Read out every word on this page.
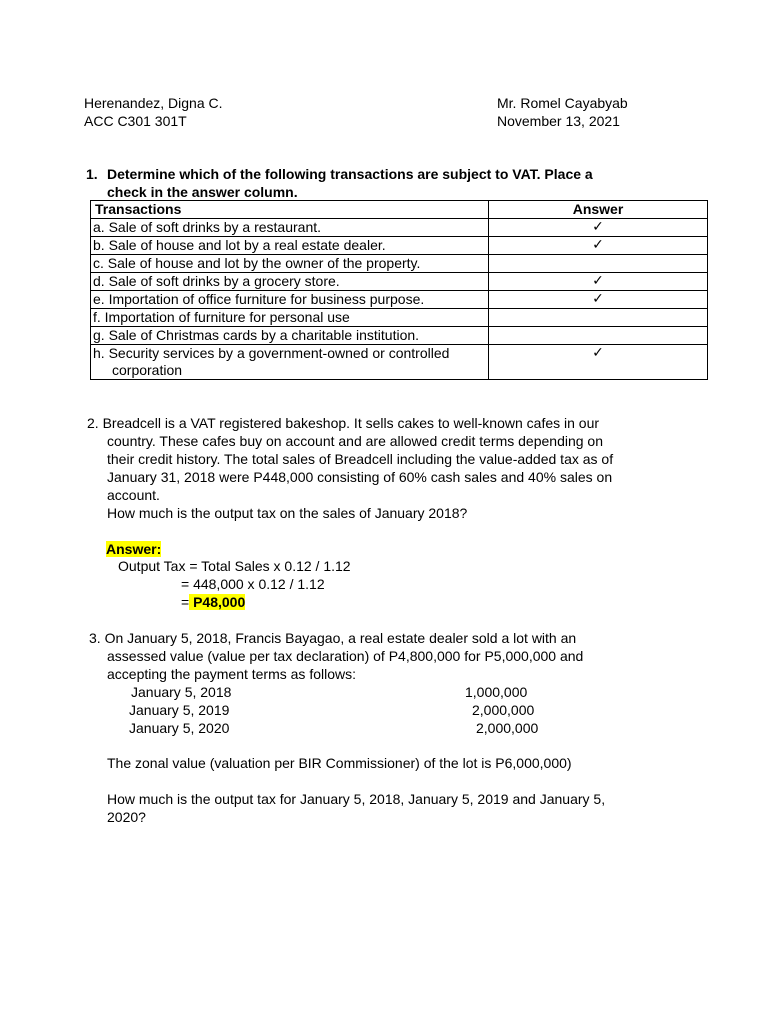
Herenandez, Digna C.
ACC C301 301T
Mr. Romel Cayabyab
November 13, 2021
1. Determine which of the following transactions are subject to VAT. Place a
check in the answer column.
Transactions	Answer
a. Sale of soft drinks by a restaurant.	✓
b. Sale of house and lot by a real estate dealer.	✓
c. Sale of house and lot by the owner of the property.	
d. Sale of soft drinks by a grocery store.	✓
e. Importation of office furniture for business purpose.	✓
f. Importation of furniture for personal use	
g. Sale of Christmas cards by a charitable institution.	

h. Security services by a government-owned or controlled
corporation	✓
2. Breadcell is a VAT registered bakeshop. It sells cakes to well-known cafes in our
country. These cafes buy on account and are allowed credit terms depending on
their credit history. The total sales of Breadcell including the value-added tax as of
January 31, 2018 were P448,000 consisting of 60% cash sales and 40% sales on
account.
How much is the output tax on the sales of January 2018?
Answer:
Output Tax = Total Sales x 0.12 / 1.12
= 448,000 x 0.12 / 1.12
= P48,000
3. On January 5, 2018, Francis Bayagao, a real estate dealer sold a lot with an
assessed value (value per tax declaration) of P4,800,000 for P5,000,000 and
accepting the payment terms as follows:
January 5, 2018	1,000,000
January 5, 2019	2,000,000
January 5, 2020	2,000,000
The zonal value (valuation per BIR Commissioner) of the lot is P6,000,000)
How much is the output tax for January 5, 2018, January 5, 2019 and January 5,
2020?
